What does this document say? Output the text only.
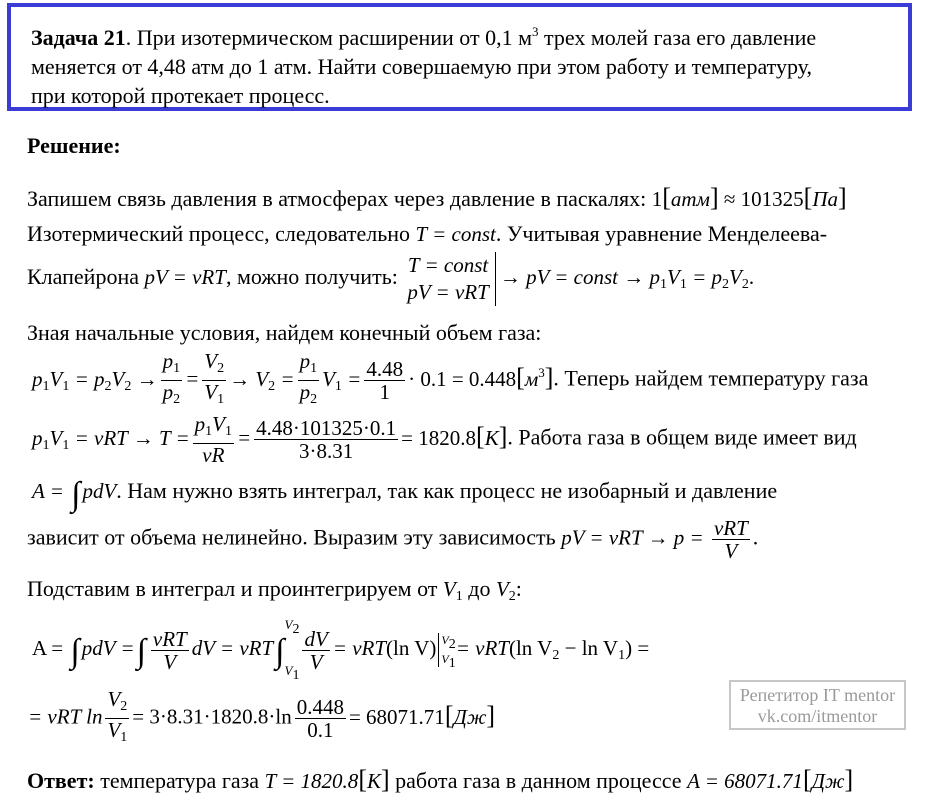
Задача 21. При изотермическом расширении от 0,1 $м^3$ трех молей газа его давление
меняется от 4,48 атм до 1 атм. Найти совершаемую при этом работу и температуру,
при которой протекает процесс.
Решение:
Запишем связь давления в атмосферах через давление в паскалях: 1[атм] ≈ 101325[Па]
Изотермический процесс, следовательно T = const. Учитывая уравнение Менделеева-
Клапейрона pV = νRT, можно получить: T = const
pV = νRT
→ pV = const → $p_1V_1 = p_2V_2$.
Зная начальные условия, найдем конечный объем газа:
$p_1V_1 = p_2V_2 \to \frac{p_1}{p_2} = \frac{V_2}{V_1} \to V_2 = \frac{p_1}{p_2} V_1 = \frac{4.48}{1} \cdot 0.1 = 0.448[м^3]$. Теперь найдем температуру газа
$p_1V_1 = \nu RT \to T = \frac{p_1V_1}{\nu R} = \frac{4.48\cdot 101325\cdot 0.1}{3\cdot 8.31} = 1820.8[K]$. Работа газа в общем виде имеет вид
A = ∫pdV. Нам нужно взять интеграл, так как процесс не изобарный и давление
зависит от объема нелинейно. Выразим эту зависимость pV = $\nu RT \to p = \frac{\text{νRT}}{V}$ .
Подставим в интеграл и проинтегрируем от $V_1$ до $V_2$:
A = ∫pdV =∫ $\frac{\text{νRT}}{V}$ dV = νRT∫
$V_2$
$V_1$
$\frac{dV}{V} = \nu RT(\ln$ V) $V_2$
$V_1$
= νRT(ln $V_2 - \ln V_1$) =
= νRT $\ln \frac{V_2}{V_1} = 3\cdot 8.31\cdot 1820.8\cdot\ln \frac{0.448}{0.1} = 68071.71[Дж]$
Репетитор IT mentor
vk.com/itmentor
Ответ: температура газа T = 1820.8[K] работа газа в данном процессе A = 68071.71[Дж]
